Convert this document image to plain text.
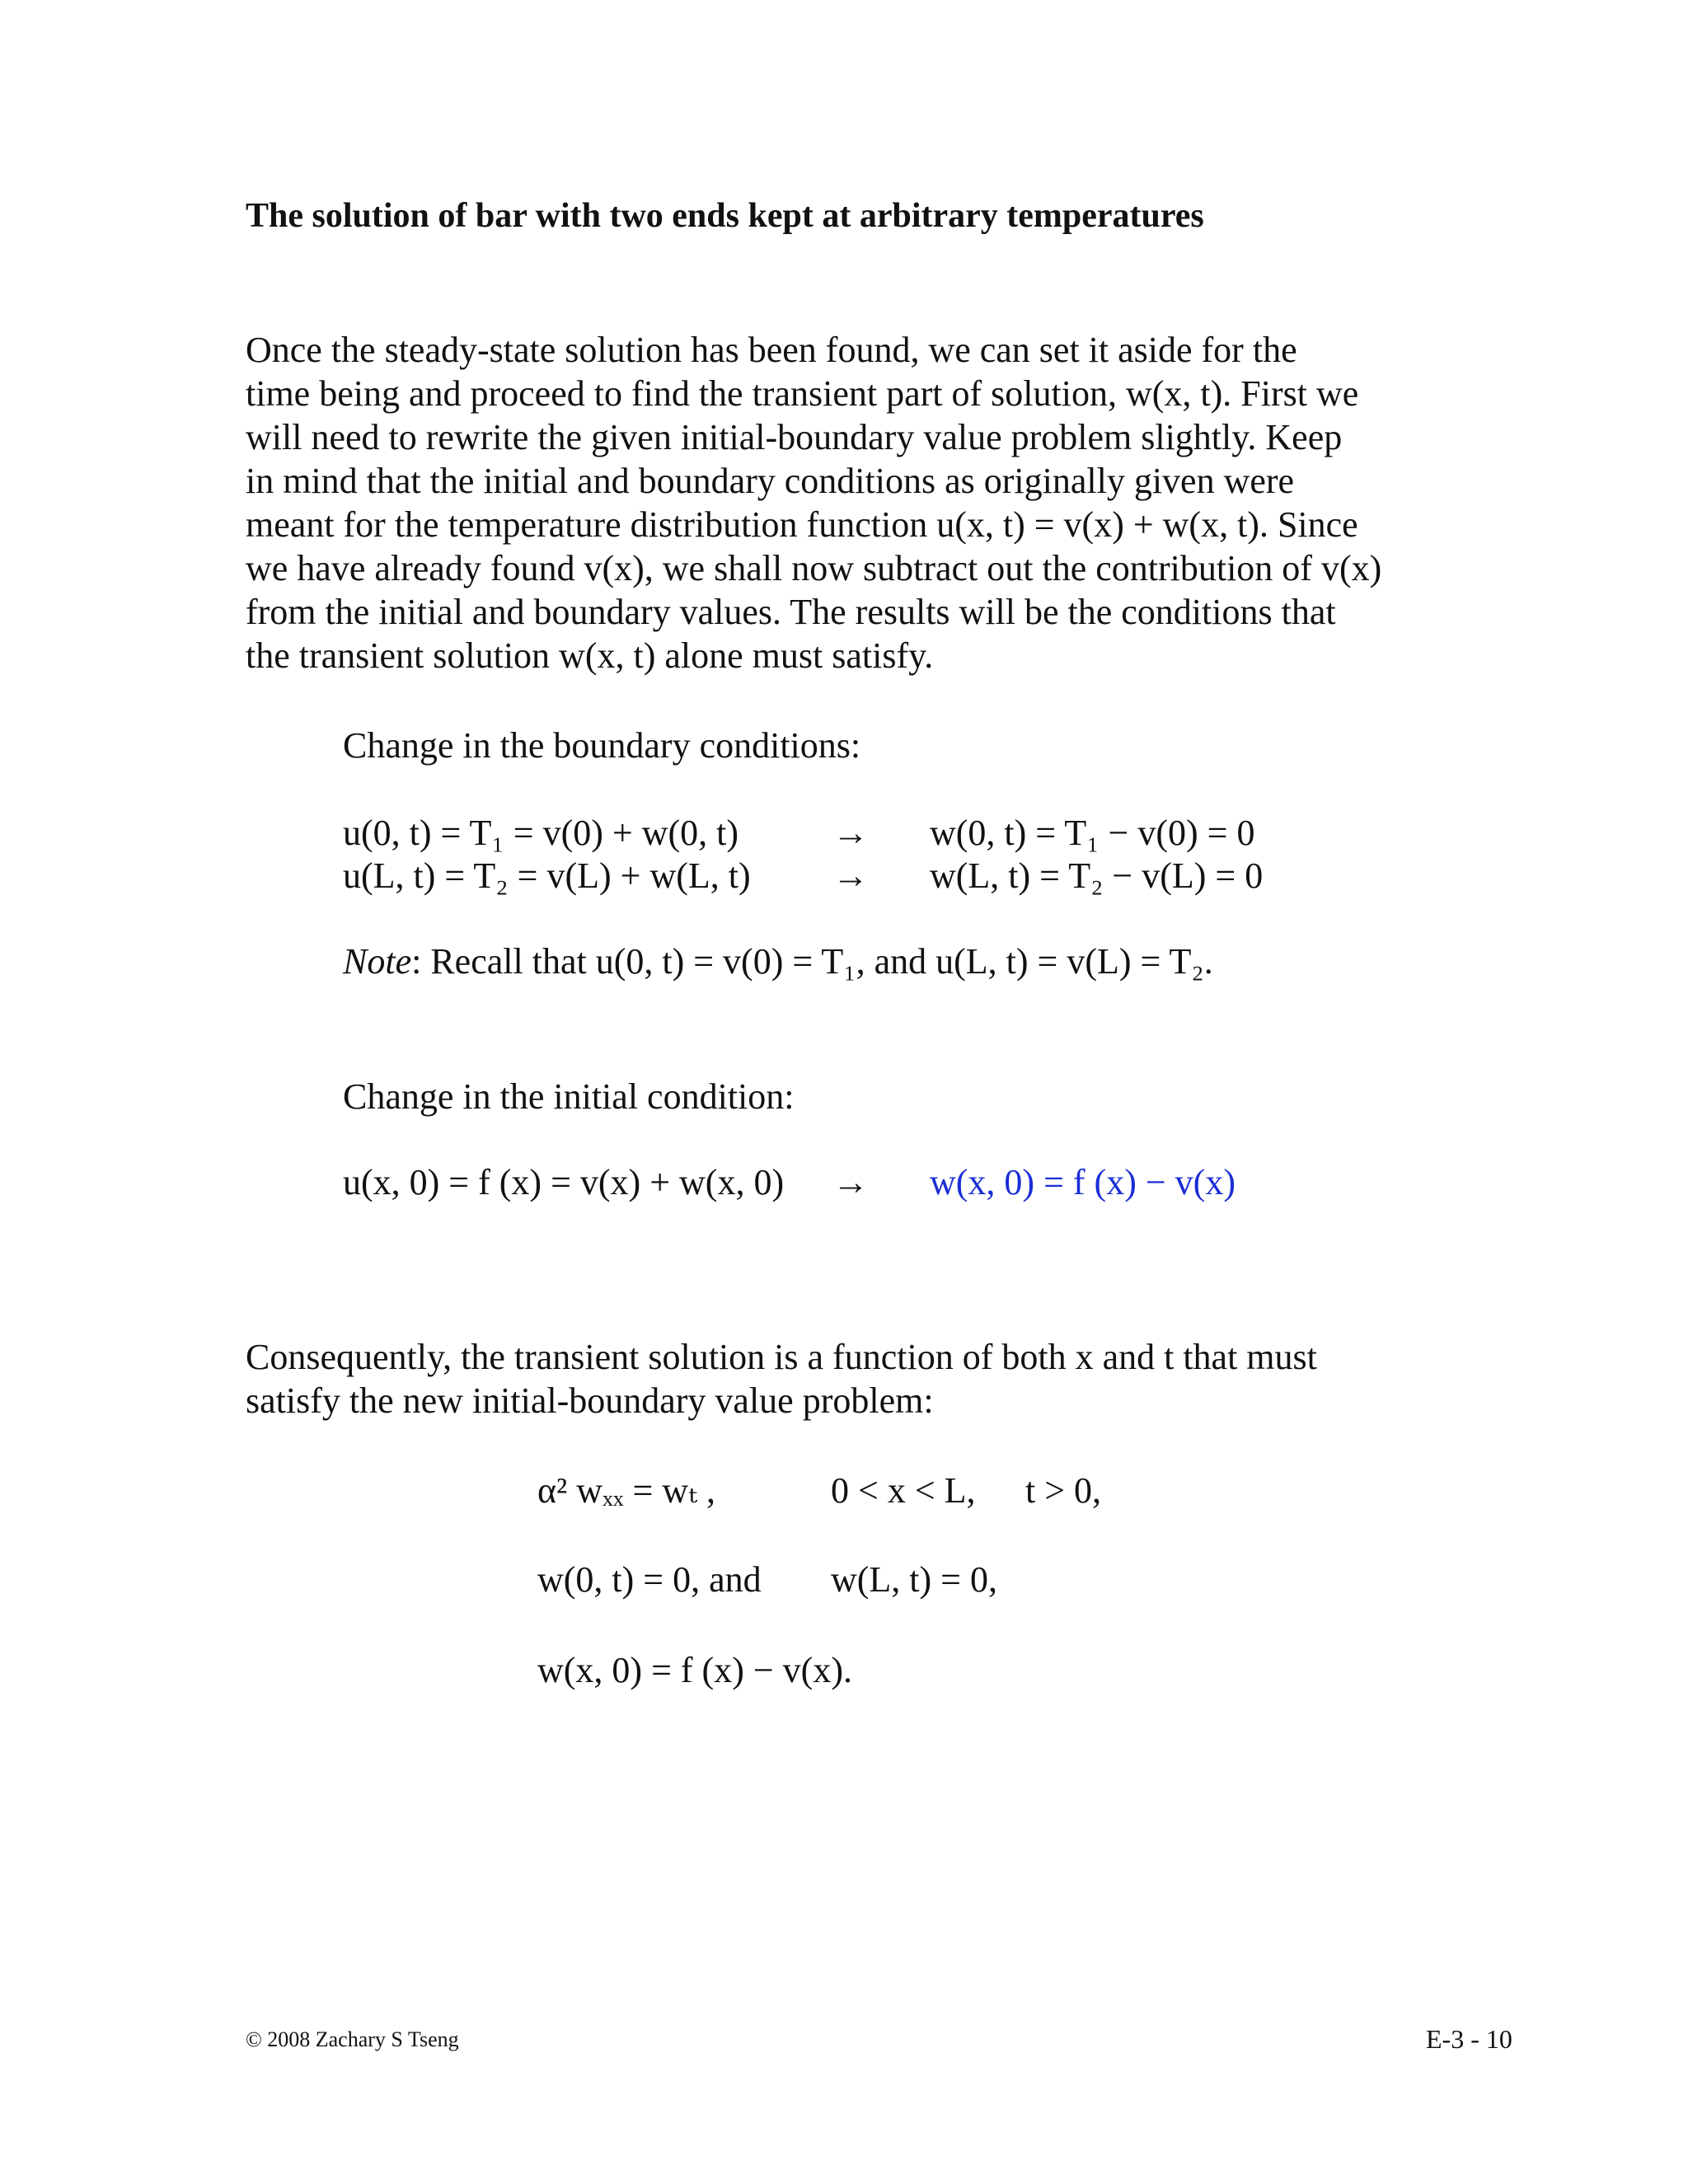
The solution of bar with two ends kept at arbitrary temperatures
Once the steady-state solution has been found, we can set it aside for the
time being and proceed to find the transient part of solution, w(x, t). First we
will need to rewrite the given initial-boundary value problem slightly. Keep
in mind that the initial and boundary conditions as originally given were
meant for the temperature distribution function u(x, t) = v(x) + w(x, t). Since
we have already found v(x), we shall now subtract out the contribution of v(x)
from the initial and boundary values. The results will be the conditions that
the transient solution w(x, t) alone must satisfy.
Change in the boundary conditions:
u(0, t) = T₁ = v(0) + w(0, t)	→ w(0, t) = T₁ − v(0) = 0
u(L, t) = T₂ = v(L) + w(L, t) → w(L, t) = T₂ − v(L) = 0
Note: Recall that u(0, t) = v(0) = T₁, and u(L, t) = v(L) = T₂.
Change in the initial condition:
u(x, 0) = f (x) = v(x) + w(x, 0) → w(x, 0) = f (x) − v(x)
Consequently, the transient solution is a function of both x and t that must
satisfy the new initial-boundary value problem:
α² wₓₓ = wₜ ,	0 < x < L, t > 0,
w(0, t) = 0, and w(L, t) = 0,
w(x, 0) = f (x) − v(x).
© 2008 Zachary S Tseng	E-3 - 10
